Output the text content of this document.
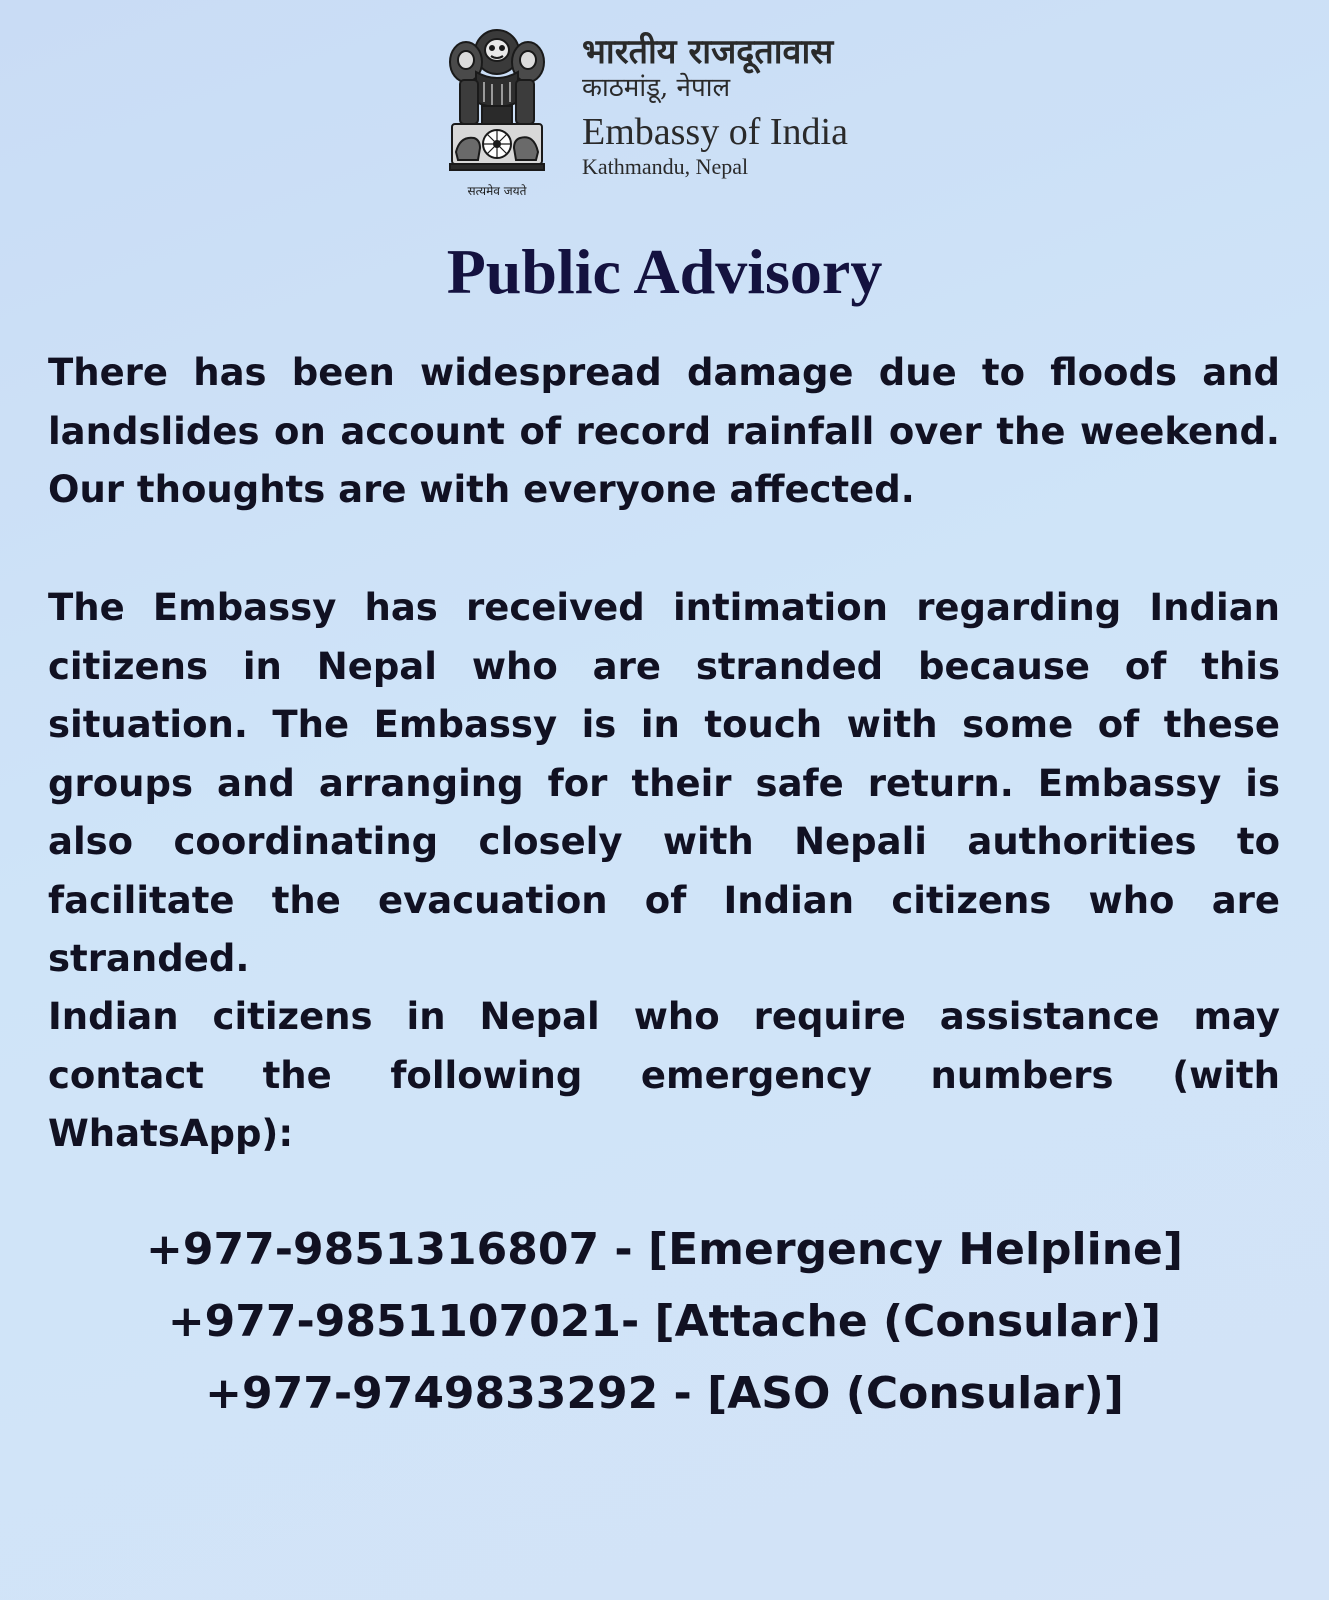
सत्यमेव जयते
भारतीय राजदूतावास
काठमांडू, नेपाल
Embassy of India
Kathmandu, Nepal
Public Advisory

There has been widespread damage due to floods and landslides on account of record rainfall over the weekend. Our thoughts are with everyone affected.

The Embassy has received intimation regarding Indian citizens in Nepal who are stranded because of this situation. The Embassy is in touch with some of these groups and arranging for their safe return. Embassy is also coordinating closely with Nepali authorities to facilitate the evacuation of Indian citizens who are stranded.

Indian citizens in Nepal who require assistance may contact the following emergency numbers (with WhatsApp):

+977-9851316807 - [Emergency Helpline]
+977-9851107021- [Attache (Consular)]
+977-9749833292 - [ASO (Consular)]
